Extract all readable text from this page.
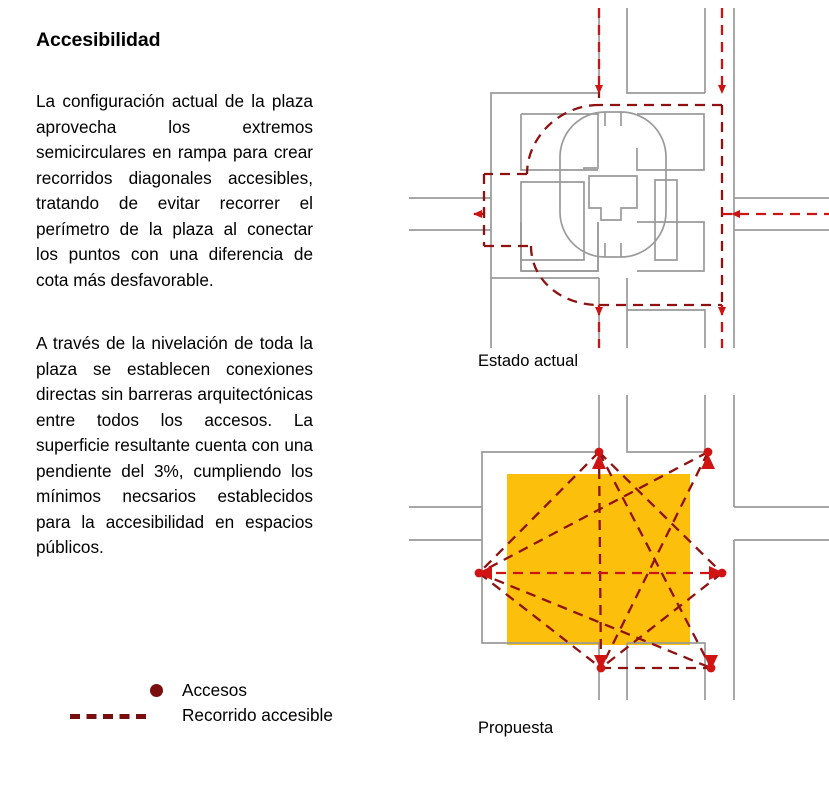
Accesibilidad

La configuración actual de la plaza aprovecha los extremos semicirculares en rampa para crear recorridos diagonales accesibles, tratando de evitar recorrer el perímetro de la plaza al conectar los puntos con una diferencia de cota más desfavorable.

A través de la nivelación de toda la plaza se establecen conexiones directas sin barreras arquitectónicas entre todos los accesos. La superficie resultante cuenta con una pendiente del 3%, cumpliendo los mínimos necsarios establecidos para la accesibilidad en espacios públicos.

Accesos
Recorrido accesible
Estado actual
Propuesta
